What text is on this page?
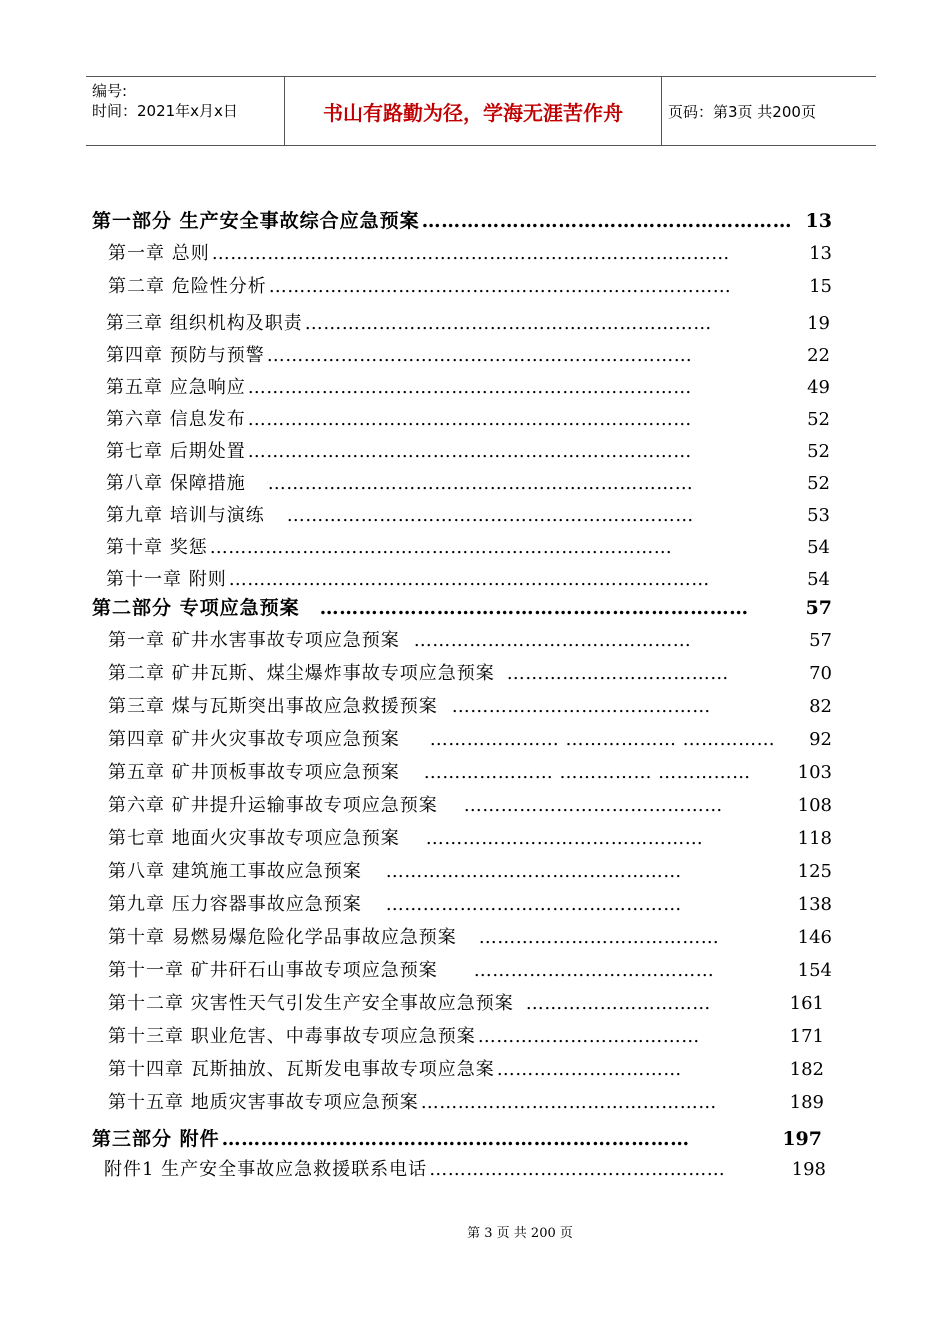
编号:
时间：2021年x月x日	书山有路勤为径，学海无涯苦作舟	页码：第3页 共200页
第一部分 生产安全事故综合应急预案 ………………………………………………… 13
第一章 总则 …………………………………………………………………………	13
第二章 危险性分析 …………………………………………………………………	15
第三章 组织机构及职责 …………………………………………………………	19
第四章 预防与预警 ……………………………………………………………	22
第五章 应急响应 ………………………………………………………………	49
第六章 信息发布 ………………………………………………………………	52
第七章 后期处置 ………………………………………………………………	52
第八章 保障措施	……………………………………………………………	52
第九章 培训与演练	…………………………………………………………	53
第十章 奖惩 …………………………………………………………………	54
第十一章 附则 ……………………………………………………………………	54
第二部分 专项应急预案	…………………………………………………………	57
第一章 矿井水害事故专项应急预案 ………………………………………	57
第二章 矿井瓦斯、煤尘爆炸事故专项应急预案 ………………………………	70
第三章 煤与瓦斯突出事故应急救援预案 ……………………………………	82
第四章 矿井火灾事故专项应急预案	………………… ……………… ……………	92
第五章 矿井顶板事故专项应急预案	………………… …………… ……………	103
第六章 矿井提升运输事故专项应急预案	……………………………………	108
第七章 地面火灾事故专项应急预案	………………………………………	118
第八章 建筑施工事故应急预案	…………………………………………	125
第九章 压力容器事故应急预案	…………………………………………	138
第十章 易燃易爆危险化学品事故应急预案	…………………………………	146
第十一章 矿井矸石山事故专项应急预案	…………………………………	154
第十二章 灾害性天气引发生产安全事故应急预案 …………………………	161
第十三章 职业危害、中毒事故专项应急预案 ………………………………	171
第十四章 瓦斯抽放、瓦斯发电事故专项应急案 …………………………	182
第十五章 地质灾害事故专项应急预案 …………………………………………	189
第三部分 附件 ………………………………………………………………	197
附件1 生产安全事故应急救援联系电话 …………………………………………	198
第 3 页 共 200 页
